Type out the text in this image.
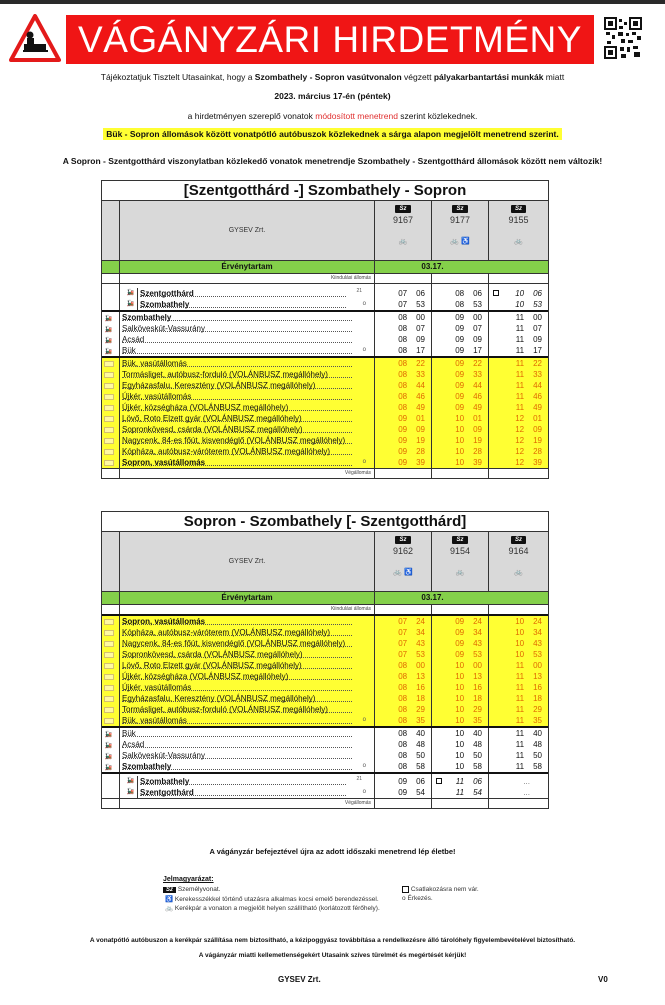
VÁGÁNYZÁRI HIRDETMÉNY
Tájékoztatjuk Tisztelt Utasainkat, hogy a Szombathely - Sopron vasútvonalon végzett pályakarbantartási munkák miatt
2023. március 17-én (péntek)
a hirdetményen szereplő vonatok módosított menetrend szerint közlekednek.
Bük - Sopron állomások között vonatpótló autóbuszok közlekednek a sárga alapon megjelölt menetrend szerint.
A Sopron - Szentgotthárd viszonylatban közlekedő vonatok menetrendje Szombathely - Szentgotthárd állomások között nem változik!
[Szentgotthárd -] Szombathely - Sopron
GYSEV Zrt.
Sz
9167
🚲
Sz
9177
🚲 ♿
Sz
9155
🚲
Érvénytartam	03.17.
Kiindulási állomás
🚂 Szentgotthárd	21	07 06	08 06	10 06
🚂 Szombathely	o	07 53	08 53	10 53
🚂	Szombathely	08 00	09 00	11 00
🚂	Salköveskút-Vassurány	08 07	09 07	11 07
🚂	Acsád	08 09	09 09	11 09
🚂	Bük	o	08 17	09 17	11 17
Bük, vasútállomás	08 22	09 22	11 22
Tormásliget, autóbusz-forduló (VOLÁNBUSZ megállóhely)	08 33	09 33	11 33
Egyházasfalu, Keresztény (VOLÁNBUSZ megállóhely)	08 44	09 44	11 44
Újkér, vasútállomás	08 46	09 46	11 46
Újkér, községháza (VOLÁNBUSZ megállóhely)	08 49	09 49	11 49
Lövő, Roto Elzett gyár (VOLÁNBUSZ megállóhely)	09 01	10 01	12 01
Sopronkövesd, csárda (VOLÁNBUSZ megállóhely)	09 09	10 09	12 09
Nagycenk, 84-es főút, kisvendéglő (VOLÁNBUSZ megállóhely)	09 19	10 19	12 19
Kópháza, autóbusz-váróterem (VOLÁNBUSZ megállóhely)	09 28	10 28	12 28
Sopron, vasútállomás	o	09 39	10 39	12 39
Végállomás
Sopron - Szombathely [- Szentgotthárd]
GYSEV Zrt.
Sz
9162
🚲 ♿
Sz
9154
🚲
Sz
9164
🚲
Érvénytartam	03.17.
Kiindulási állomás
Sopron, vasútállomás	07 24	09 24	10 24
Kópháza, autóbusz-váróterem (VOLÁNBUSZ megállóhely)	07 34	09 34	10 34
Nagycenk, 84-es főút, kisvendéglő (VOLÁNBUSZ megállóhely)	07 43	09 43	10 43
Sopronkövesd, csárda (VOLÁNBUSZ megállóhely)	07 53	09 53	10 53
Lövő, Roto Elzett gyár (VOLÁNBUSZ megállóhely)	08 00	10 00	11 00
Újkér, községháza (VOLÁNBUSZ megállóhely)	08 13	10 13	11 13
Újkér, vasútállomás	08 16	10 16	11 16
Egyházasfalu, Keresztény (VOLÁNBUSZ megállóhely)	08 18	10 18	11 18
Tormásliget, autóbusz-forduló (VOLÁNBUSZ megállóhely)	08 29	10 29	11 29
Bük, vasútállomás	o	08 35	10 35	11 35
🚂	Bük	08 40	10 40	11 40
🚂	Acsád	08 48	10 48	11 48
🚂	Salköveskút-Vassurány	08 50	10 50	11 50
🚂	Szombathely	o	08 58	10 58	11 58
🚂 Szombathely	21	09 06	11 06	...
🚂 Szentgotthárd	o	09 54	11 54	...
Végállomás
A vágányzár befejeztével újra az adott időszaki menetrend lép életbe!
Jelmagyarázat:
Sz Személyvonat.
♿ Kerekesszékkel történő utazásra alkalmas kocsi emelő berendezéssel.
🚲 Kerékpár a vonaton a megjelölt helyen szállítható (korlátozott férőhely).
Csatlakozásra nem vár.
o Érkezés.
A vonatpótló autóbuszon a kerékpár szállítása nem biztosítható, a kézipoggyász továbbítása a rendelkezésre álló tárolóhely figyelembevételével biztosítható.
A vágányzár miatti kellemetlenségekért Utasaink szíves türelmét és megértését kérjük!
GYSEV Zrt.	V0
